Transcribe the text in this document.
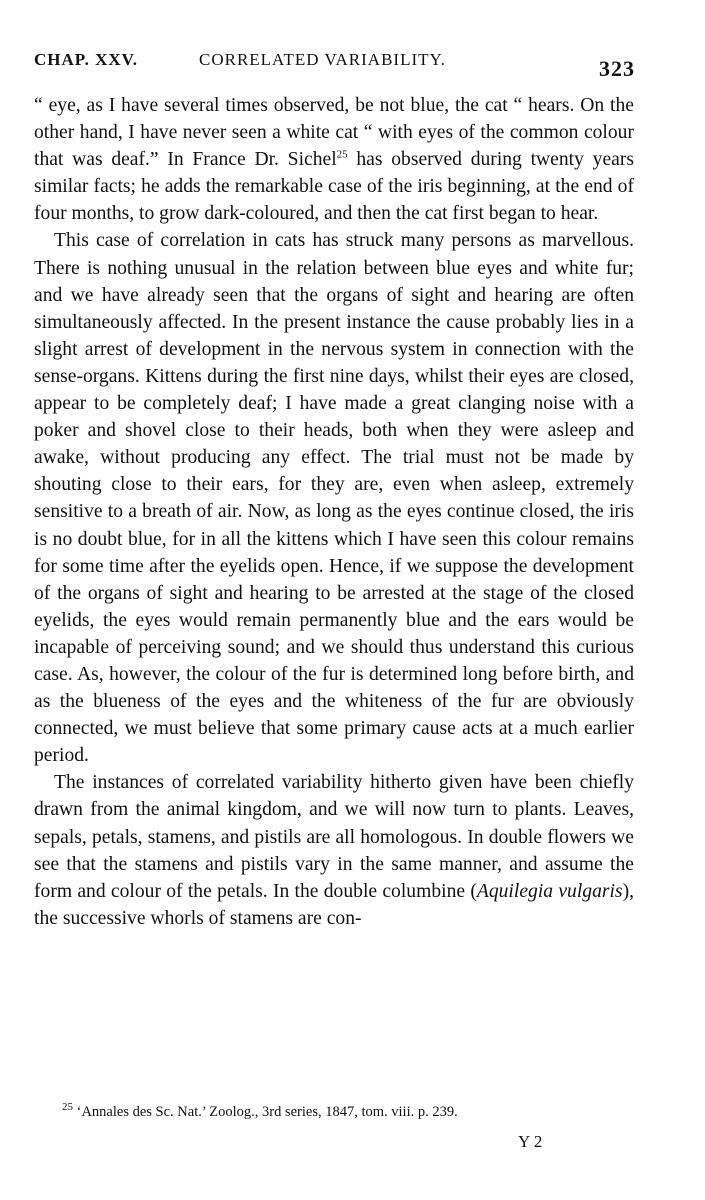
CHAP. XXV.	CORRELATED VARIABILITY.	323

“ eye, as I have several times observed, be not blue, the cat “ hears. On the other hand, I have never seen a white cat “ with eyes of the common colour that was deaf.” In France Dr. Sichel$^{25}$ has observed during twenty years similar facts; he adds the remarkable case of the iris beginning, at the end of four months, to grow dark-coloured, and then the cat first began to hear.

This case of correlation in cats has struck many persons as marvellous. There is nothing unusual in the relation between blue eyes and white fur; and we have already seen that the organs of sight and hearing are often simultaneously affected. In the present instance the cause probably lies in a slight arrest of development in the nervous system in connection with the sense-organs. Kittens during the first nine days, whilst their eyes are closed, appear to be completely deaf; I have made a great clanging noise with a poker and shovel close to their heads, both when they were asleep and awake, without producing any effect. The trial must not be made by shouting close to their ears, for they are, even when asleep, extremely sensitive to a breath of air. Now, as long as the eyes continue closed, the iris is no doubt blue, for in all the kittens which I have seen this colour remains for some time after the eyelids open. Hence, if we suppose the development of the organs of sight and hearing to be arrested at the stage of the closed eyelids, the eyes would remain permanently blue and the ears would be incapable of perceiving sound; and we should thus understand this curious case. As, however, the colour of the fur is determined long before birth, and as the blueness of the eyes and the whiteness of the fur are obviously connected, we must believe that some primary cause acts at a much earlier period.

The instances of correlated variability hitherto given have been chiefly drawn from the animal kingdom, and we will now turn to plants. Leaves, sepals, petals, stamens, and pistils are all homologous. In double flowers we see that the stamens and pistils vary in the same manner, and assume the form and colour of the petals. In the double columbine (Aquilegia vulgaris), the successive whorls of stamens are con-

$^{25}$ ‘Annales des Sc. Nat.’ Zoolog., 3rd series, 1847, tom. viii. p. 239.
Y 2
